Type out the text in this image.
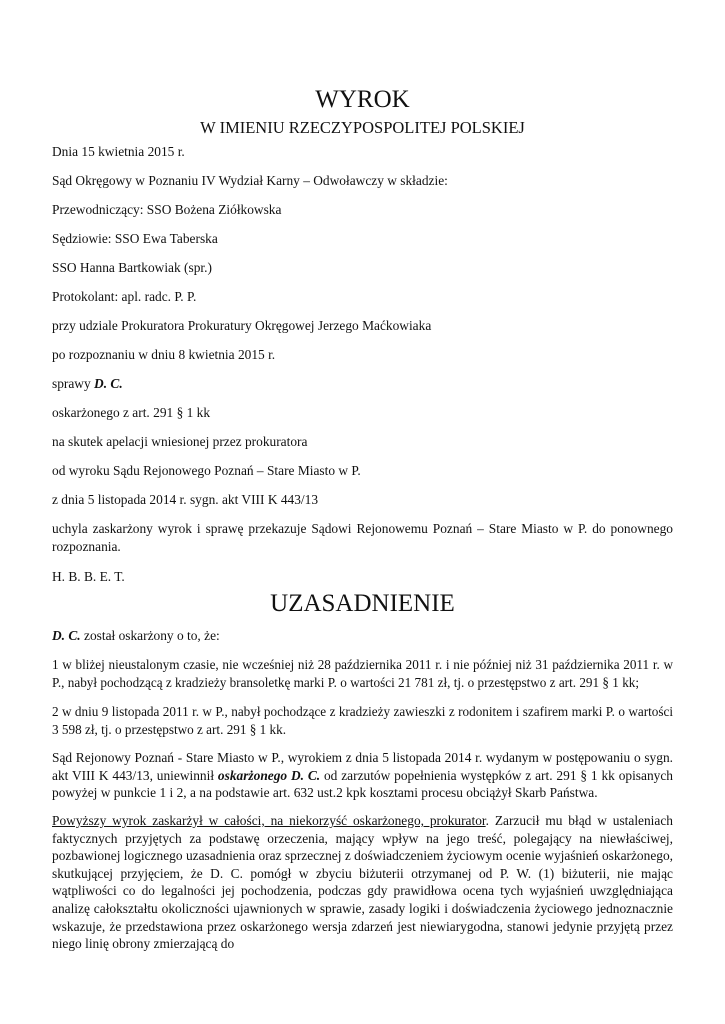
WYROK
W IMIENIU RZECZYPOSPOLITEJ POLSKIEJ
Dnia 15 kwietnia 2015 r.
Sąd Okręgowy w Poznaniu IV Wydział Karny – Odwoławczy w składzie:
Przewodniczący: SSO Bożena Ziółkowska
Sędziowie: SSO Ewa Taberska
SSO Hanna Bartkowiak (spr.)
Protokolant: apl. radc. P. P.
przy udziale Prokuratora Prokuratury Okręgowej Jerzego Maćkowiaka
po rozpoznaniu w dniu 8 kwietnia 2015 r.
sprawy D. C.
oskarżonego z art. 291 § 1 kk
na skutek apelacji wniesionej przez prokuratora
od wyroku Sądu Rejonowego Poznań – Stare Miasto w P.
z dnia 5 listopada 2014 r. sygn. akt VIII K 443/13
uchyla zaskarżony wyrok i sprawę przekazuje Sądowi Rejonowemu Poznań – Stare Miasto w P. do ponownego rozpoznania.
H. B. B. E. T.
UZASADNIENIE
D. C. został oskarżony o to, że:
1 w bliżej nieustalonym czasie, nie wcześniej niż 28 października 2011 r. i nie później niż 31 października 2011 r. w P., nabył pochodzącą z kradzieży bransoletkę marki P. o wartości 21 781 zł, tj. o przestępstwo z art. 291 § 1 kk;
2 w dniu 9 listopada 2011 r. w P., nabył pochodzące z kradzieży zawieszki z rodonitem i szafirem marki P. o wartości 3 598 zł, tj. o przestępstwo z art. 291 § 1 kk.
Sąd Rejonowy Poznań - Stare Miasto w P., wyrokiem z dnia 5 listopada 2014 r. wydanym w postępowaniu o sygn. akt VIII K 443/13, uniewinnił oskarżonego D. C. od zarzutów popełnienia występków z art. 291 § 1 kk opisanych powyżej w punkcie 1 i 2, a na podstawie art. 632 ust.2 kpk kosztami procesu obciążył Skarb Państwa.
Powyższy wyrok zaskarżył w całości, na niekorzyść oskarżonego, prokurator. Zarzucił mu błąd w ustaleniach faktycznych przyjętych za podstawę orzeczenia, mający wpływ na jego treść, polegający na niewłaściwej, pozbawionej logicznego uzasadnienia oraz sprzecznej z doświadczeniem życiowym ocenie wyjaśnień oskarżonego, skutkującej przyjęciem, że D. C. pomógł w zbyciu biżuterii otrzymanej od P. W. (1) biżuterii, nie mając wątpliwości co do legalności jej pochodzenia, podczas gdy prawidłowa ocena tych wyjaśnień uwzględniająca analizę całokształtu okoliczności ujawnionych w sprawie, zasady logiki i doświadczenia życiowego jednoznacznie wskazuje, że przedstawiona przez oskarżonego wersja zdarzeń jest niewiarygodna, stanowi jedynie przyjętą przez niego linię obrony zmierzającą do
